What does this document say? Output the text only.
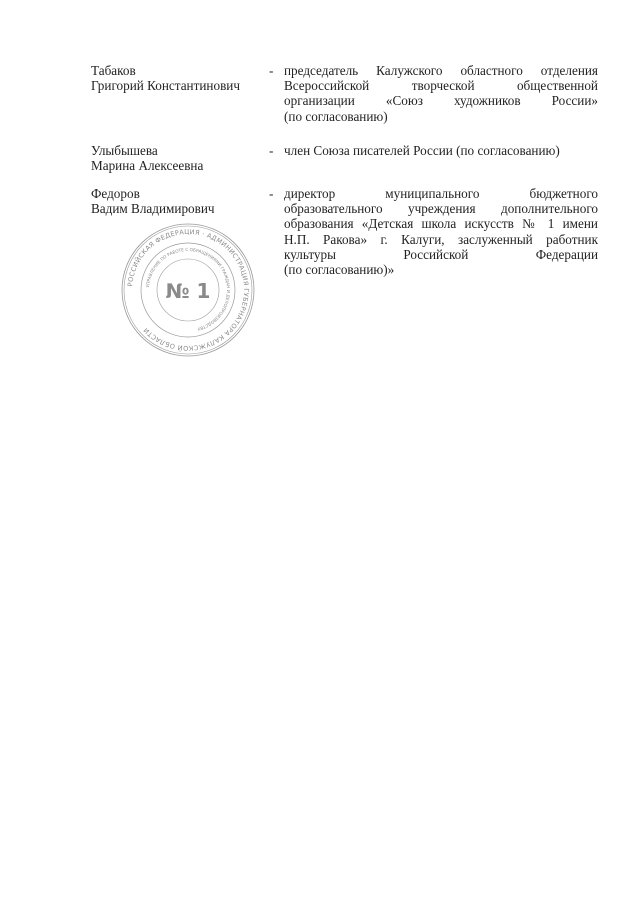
Табаков
Григорий Константинович
- председатель Калужского областного отделения
Всероссийской творческой общественной
организации «Союз художников России»
(по согласованию)
Улыбышева
Марина Алексеевна
- член Союза писателей России (по согласованию)
Федоров
Вадим Владимирович
- директор муниципального бюджетного
образовательного учреждения дополнительного
образования «Детская школа искусств № 1 имени
Н.П. Ракова» г. Калуги, заслуженный работник
культуры Российской Федерации
(по согласованию)»
РОССИЙСКАЯ ФЕДЕРАЦИЯ · АДМИНИСТРАЦИЯ ГУБЕРНАТОРА КАЛУЖСКОЙ ОБЛАСТИ
УПРАВЛЕНИЕ ПО РАБОТЕ С ОБРАЩЕНИЯМИ ГРАЖДАН И ДЕЛОПРОИЗВОДСТВУ
№ 1
